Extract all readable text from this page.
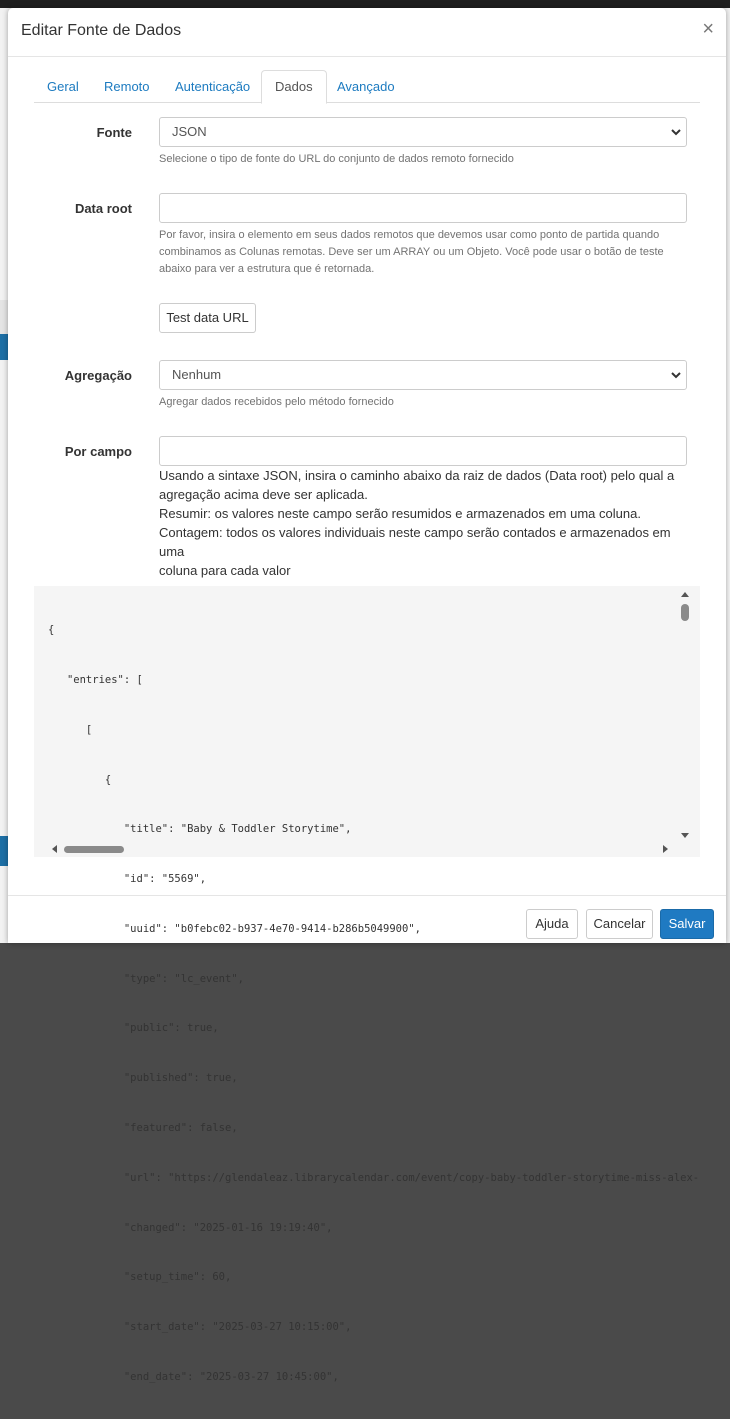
Editar Fonte de Dados	×
Geral	Remoto	Autenticação	Dados	Avançado
Fonte	JSON
Selecione o tipo de fonte do URL do conjunto de dados remoto fornecido
Data root
Por favor, insira o elemento em seus dados remotos que devemos usar como ponto de partida quando
combinamos as Colunas remotas. Deve ser um ARRAY ou um Objeto. Você pode usar o botão de teste
abaixo para ver a estrutura que é retornada.
Test data URL
Agregação	Nenhum
Agregar dados recebidos pelo método fornecido
Por campo
Usando a sintaxe JSON, insira o caminho abaixo da raiz de dados (Data root) pelo qual a
agregação acima deve ser aplicada.
Resumir: os valores neste campo serão resumidos e armazenados em uma coluna.
Contagem: todos os valores individuais neste campo serão contados e armazenados em uma
coluna para cada valor

{

"entries": [

[

{

"title": "Baby & Toddler Storytime",

"id": "5569",

"uuid": "b0febc02-b937-4e70-9414-b286b5049900",

"type": "lc_event",

"public": true,

"published": true,

"featured": false,

"url": "https://glendaleaz.librarycalendar.com/event/copy-baby-toddler-storytime-miss-alex-

"changed": "2025-01-16 19:19:40",

"setup_time": 60,

"start_date": "2025-03-27 10:15:00",

"end_date": "2025-03-27 10:45:00",

Ajuda	Cancelar	Salvar
